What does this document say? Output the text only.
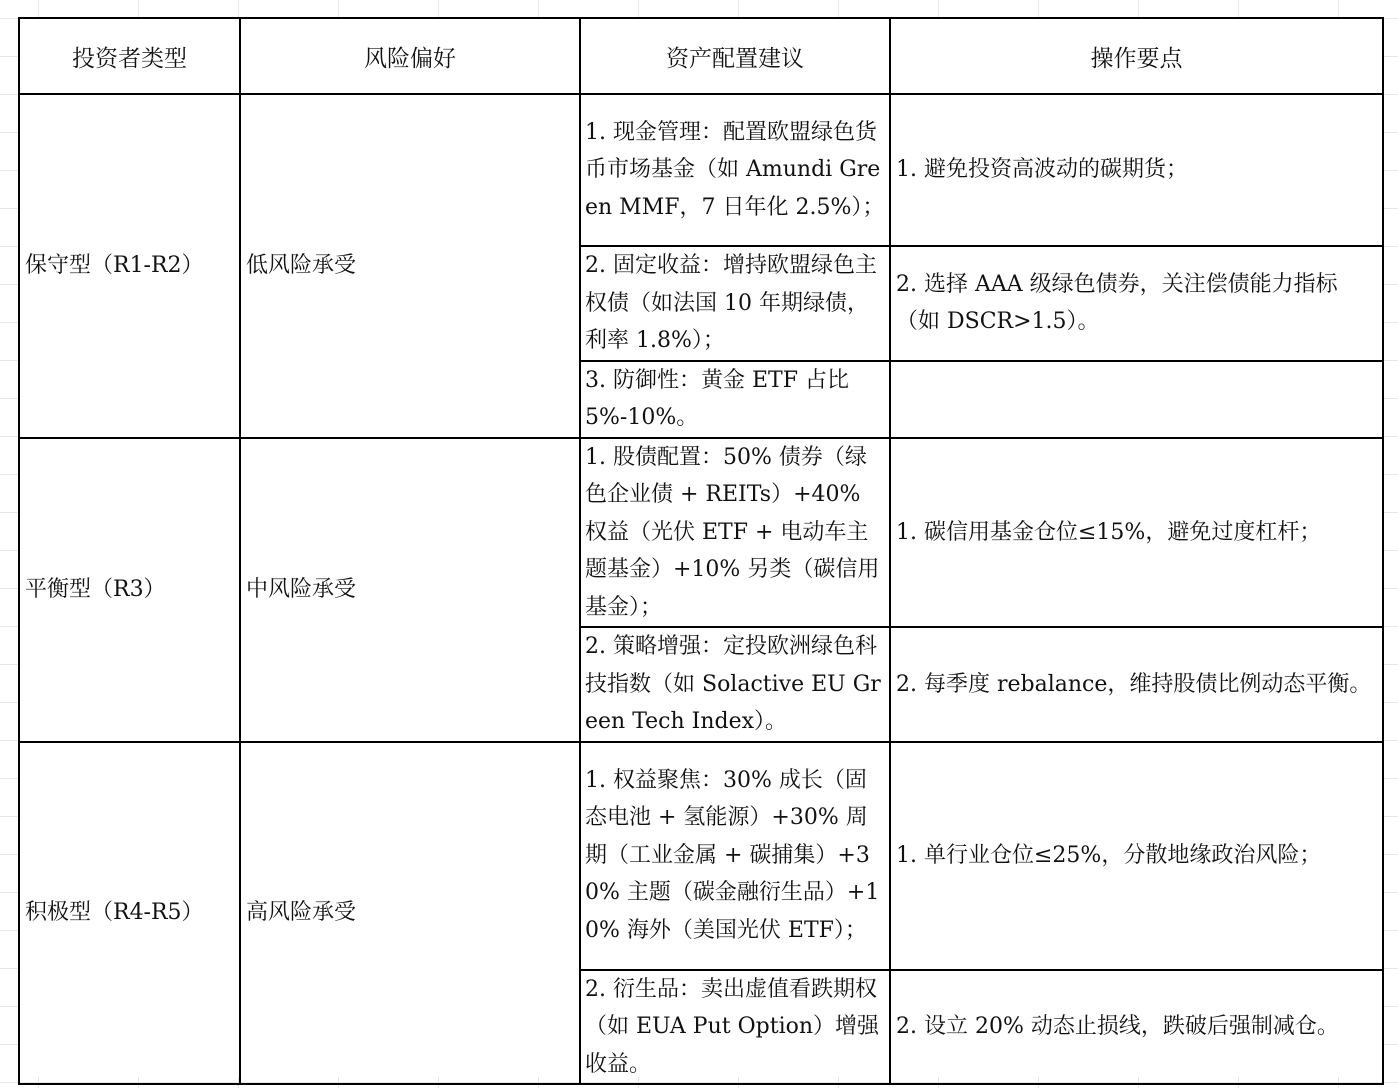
投资者类型	风险偏好	资产配置建议	操作要点
保守型（R1-R2）	低风险承受	1. 现金管理：配置欧盟绿色货币市场基金（如 Amundi Green MMF，7 日年化 2.5%）；	1. 避免投资高波动的碳期货；
		2. 固定收益：增持欧盟绿色主权债（如法国 10 年期绿债，利率 1.8%）；	2. 选择 AAA 级绿色债券，关注偿债能力指标（如 DSCR>1.5）。
		3. 防御性：黄金 ETF 占比 5%-10%。	
平衡型（R3）	中风险承受	1. 股债配置：50% 债券（绿色企业债 + REITs）+40% 权益（光伏 ETF + 电动车主题基金）+10% 另类（碳信用基金）；	1. 碳信用基金仓位≤15%，避免过度杠杆；
		2. 策略增强：定投欧洲绿色科技指数（如 Solactive EU Green Tech Index）。	2. 每季度 rebalance，维持股债比例动态平衡。
积极型（R4-R5）	高风险承受	1. 权益聚焦：30% 成长（固态电池 + 氢能源）+30% 周期（工业金属 + 碳捕集）+30% 主题（碳金融衍生品）+10% 海外（美国光伏 ETF）；	1. 单行业仓位≤25%，分散地缘政治风险；
		2. 衍生品：卖出虚值看跌期权（如 EUA Put Option）增强收益。	2. 设立 20% 动态止损线，跌破后强制减仓。
